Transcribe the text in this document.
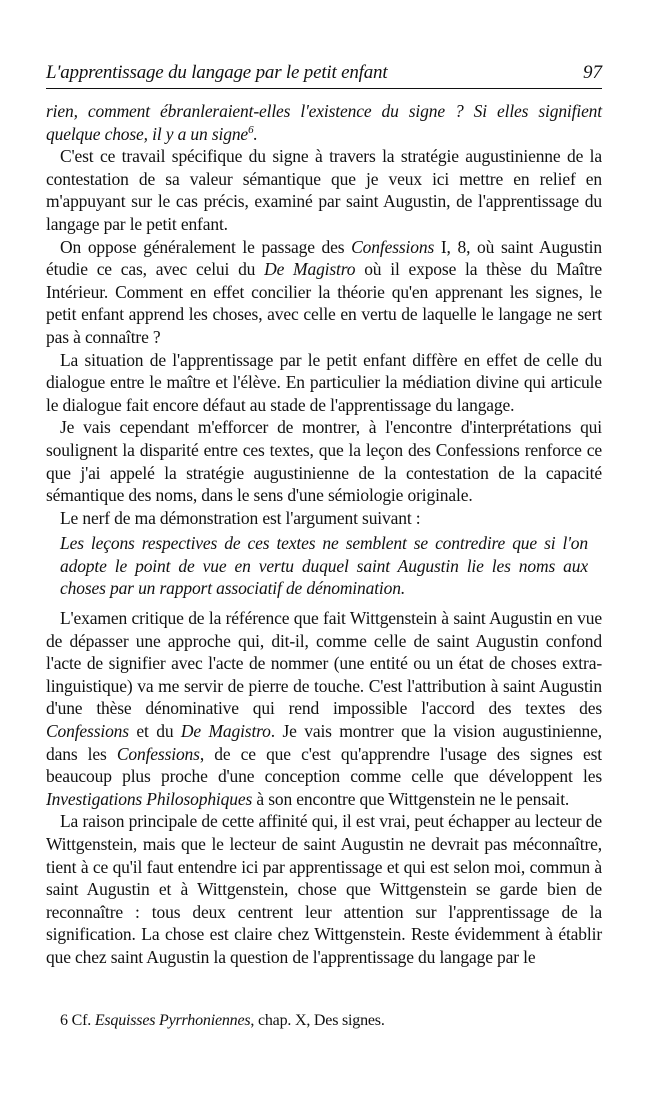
L'apprentissage du langage par le petit enfant	97

rien, comment ébranleraient-elles l'existence du signe ? Si elles signifient quelque chose, il y a un signe$^6$.

C'est ce travail spécifique du signe à travers la stratégie augustinienne de la contestation de sa valeur sémantique que je veux ici mettre en relief en m'appuyant sur le cas précis, examiné par saint Augustin, de l'apprentissage du langage par le petit enfant.

On oppose généralement le passage des Confessions I, 8, où saint Augustin étudie ce cas, avec celui du De Magistro où il expose la thèse du Maître Intérieur. Comment en effet concilier la théorie qu'en apprenant les signes, le petit enfant apprend les choses, avec celle en vertu de laquelle le langage ne sert pas à connaître ?

La situation de l'apprentissage par le petit enfant diffère en effet de celle du dialogue entre le maître et l'élève. En particulier la médiation divine qui articule le dialogue fait encore défaut au stade de l'apprentissage du langage.

Je vais cependant m'efforcer de montrer, à l'encontre d'interprétations qui soulignent la disparité entre ces textes, que la leçon des Confessions renforce ce que j'ai appelé la stratégie augustinienne de la contestation de la capacité sémantique des noms, dans le sens d'une sémiologie originale.

Le nerf de ma démonstration est l'argument suivant :

Les leçons respectives de ces textes ne semblent se contredire que si l'on adopte le point de vue en vertu duquel saint Augustin lie les noms aux choses par un rapport associatif de dénomination.

L'examen critique de la référence que fait Wittgenstein à saint Augustin en vue de dépasser une approche qui, dit-il, comme celle de saint Augustin confond l'acte de signifier avec l'acte de nommer (une entité ou un état de choses extra-linguistique) va me servir de pierre de touche. C'est l'attribution à saint Augustin d'une thèse dénominative qui rend impossible l'accord des textes des Confessions et du De Magistro. Je vais montrer que la vision augustinienne, dans les Confessions, de ce que c'est qu'apprendre l'usage des signes est beaucoup plus proche d'une conception comme celle que développent les Investigations Philosophiques à son encontre que Wittgenstein ne le pensait.

La raison principale de cette affinité qui, il est vrai, peut échapper au lecteur de Wittgenstein, mais que le lecteur de saint Augustin ne devrait pas méconnaître, tient à ce qu'il faut entendre ici par apprentissage et qui est selon moi, commun à saint Augustin et à Wittgenstein, chose que Wittgenstein se garde bien de reconnaître : tous deux centrent leur attention sur l'apprentissage de la signification. La chose est claire chez Wittgenstein. Reste évidemment à établir que chez saint Augustin la question de l'apprentissage du langage par le

6 Cf. Esquisses Pyrrhoniennes, chap. X, Des signes.
